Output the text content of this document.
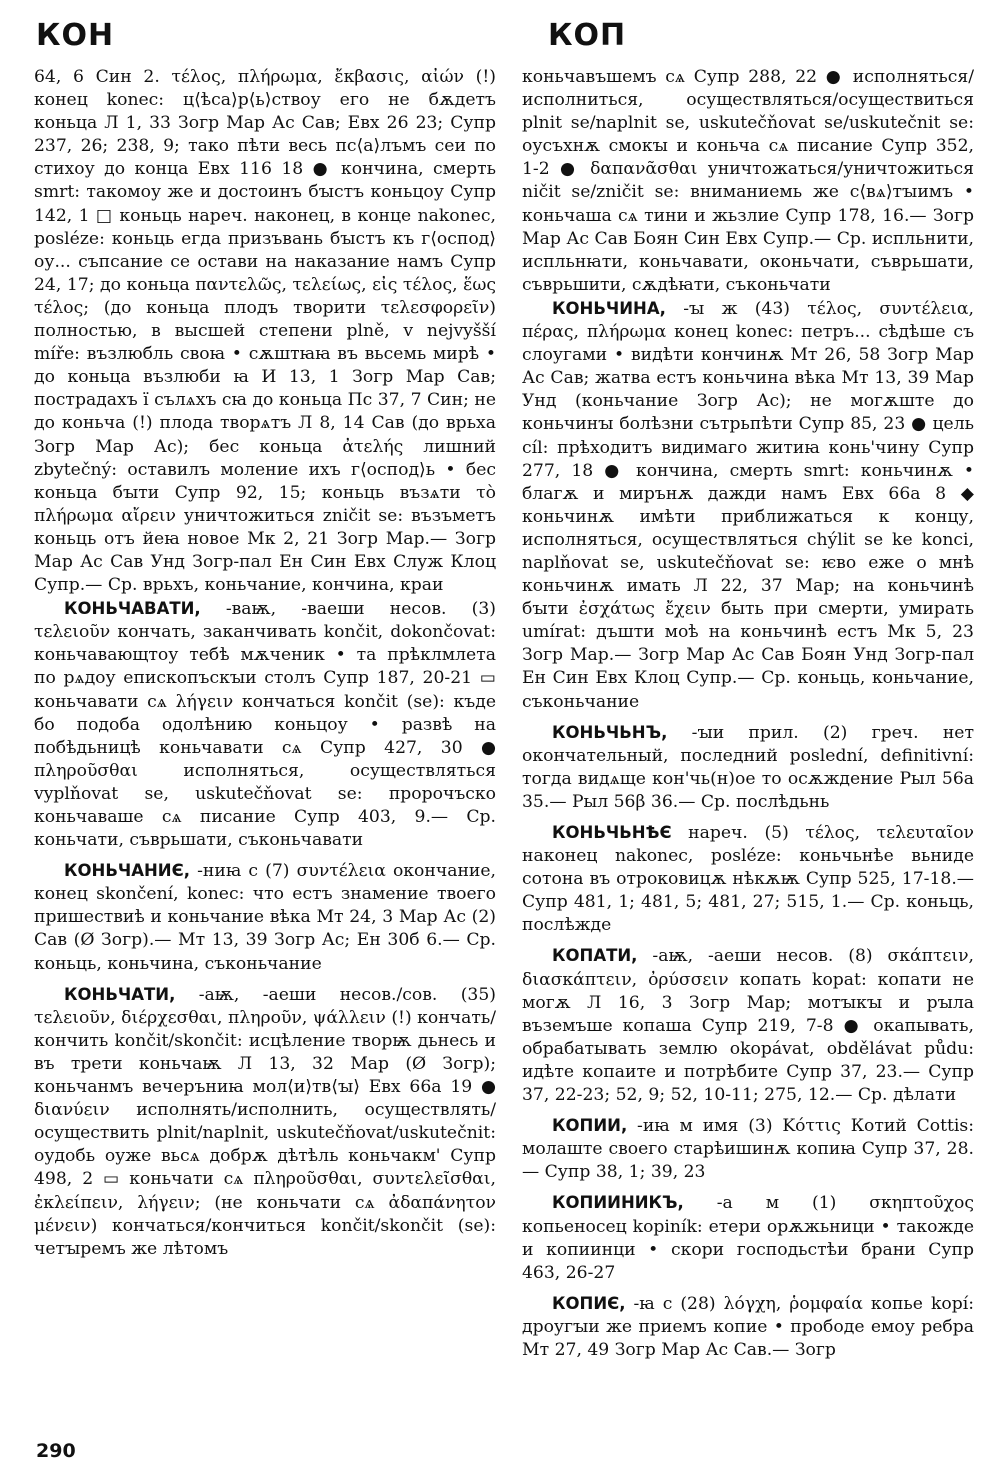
КОН	КОП

64, 6 Син 2. τέλος, πλήρωμα, ἔκβασις, αἰών (!) конец konec: ц⟨ѣса⟩р⟨ь⟩ствоу его не бѫдетъ коньца Л 1, 33 Зогр Мар Ас Сав; Евх 26 23; Супр 237, 26; 238, 9; тако пѣти весь пс⟨а⟩лъмъ сеи по стихоу до конца Евх 116 18 ● кончина, смерть smrt: такомоу же и достоинъ бꙑстъ коньцоу Супр 142, 1 □ коньць нареч. наконец, в конце nakonec, posléze: коньць егда призъвань бꙑстъ къ г⟨оспод⟩оу... съпсание се остави на наказание намъ Супр 24, 17; до коньца παντελῶς, τελείως, εἰς τέλος, ἕως τέλος; (до коньца плодъ творити τελεσφορεῖν) полностью, в высшей степени plně, v nejvyšší míře: възлюбль своꙗ • сѫштꙗꙗ въ вьсемь мирѣ • до коньца възлюби ꙗ И 13, 1 Зогр Мар Сав; пострадахъ ї сълѧхъ сꙗ до коньца Пс 37, 7 Син; не до коньча (!) плода творѧтъ Л 8, 14 Сав (до врьха Зогр Мар Ас); бес коньца ἀτελής лишний zbytečný: оставилъ моление ихъ г⟨оспод⟩ь • бес коньца бꙑти Супр 92, 15; коньць възѧти τὸ πλήρωμα αἴρειν уничтожиться zničit se: възъметъ коньць отъ йеꙗ новое Мк 2, 21 Зогр Мар.— Зогр Мар Ас Сав Унд Зогр-пал Ен Син Евх Служ Клоц Супр.— Ср. врьхъ, коньчание, кончина, краи

КОНЬЧАВАТИ, -ваѭ, -ваеши несов. (3) τελειοῦν кончать, заканчивать končit, dokončovat: коньчавающтоу тебѣ мѫченик • та прѣклмлета по рѧдоу епископъскꙑи столъ Супр 187, 20-21 ▭ коньчавати сѧ λήγειν кончаться končit (se): къде бо подоба одолѣнию коньцоу • развѣ на побѣдьницѣ коньчавати сѧ Супр 427, 30 ● πληροῦσθαι исполняться, осуществляться vyplňovat se, uskutečňovat se: пророчъско коньчаваше сѧ писание Супр 403, 9.— Ср. коньчати, съврьшати, съконьчавати

КОНЬЧАНИЄ, -ниꙗ с (7) συντέλεια окончание, конец skončení, konec: что естъ знамение твоего пришествиѣ и коньчание вѣка Мт 24, 3 Мар Ас (2) Сав (Ø Зогр).— Мт 13, 39 Зогр Ас; Ен 30б 6.— Ср. коньць, коньчина, съконьчание

КОНЬЧАТИ, -аѭ, -аеши несов./сов. (35) τελειοῦν, διέρχεσθαι, πληροῦν, ψάλλειν (!) кончать/кончить končit/skončit: исцѣление творѭ дьнесь и въ трети коньчаѭ Л 13, 32 Мар (Ø Зогр); коньчанмъ вечеръниꙗ мол⟨и⟩тв⟨ꙑ⟩ Евх 66а 19 ● διανύειν исполнять/исполнить, осуществлять/осуществить plnit/naplnit, uskutečňovat/uskutečnit: оудобь оуже вьсѧ добрѫ дѣтѣль коньчакм' Супр 498, 2 ▭ коньчати сѧ πληροῦσθαι, συντελεῖσθαι, ἐκλείπειν, λήγειν; (не коньчати сѧ ἀδαπάνητον μένειν) кончаться/кончиться končit/skončit (se): четꙑремъ же лѣтомъ

коньчавъшемъ сѧ Супр 288, 22 ● исполняться/исполниться, осуществляться/осуществиться plnit se/naplnit se, uskutečňovat se/uskutečnit se: оусъхнѫ смокꙑ и коньча сѧ писание Супр 352, 1-2 ● δαπανᾶσθαι уничтожаться/уничтожиться ničit se/zničit se: вниманиемь же с⟨вѧ⟩тꙑимъ • коньчаша сѧ тини и жьзлие Супр 178, 16.— Зогр Мар Ас Сав Боян Син Евх Супр.— Ср. испльнити, испльнꙗти, коньчавати, оконьчати, съврьшати, съврьшити, сѫдѣꙗти, съконьчати

КОНЬЧИНА, -ꙑ ж (43) τέλος, συντέλεια, πέρας, πλήρωμα конец konec: петръ... сѣдѣше съ слоугами • видѣти кончинѫ Мт 26, 58 Зогр Мар Ас Сав; жатва естъ коньчина вѣка Мт 13, 39 Мар Унд (коньчание Зогр Ас); не могѫште до коньчинꙑ болѣзни сътрьпѣти Супр 85, 23 ● цель cíl: прѣходитъ видимаго житиꙗ конь'чину Супр 277, 18 ● кончина, смерть smrt: коньчинѫ • благѫ и мирънѫ дажди намъ Евх 66а 8 ◆ коньчинѫ имѣти приближаться к концу, исполняться, осуществляться chýlit se ke konci, naplňovat se, uskutečňovat se: ѥво еже о мнѣ коньчинѫ имать Л 22, 37 Мар; на коньчинѣ бꙑти ἐσχάτως ἔχειν быть при смерти, умирать umírat: дъшти моѣ на коньчинѣ естъ Мк 5, 23 Зогр Мар.— Зогр Мар Ас Сав Боян Унд Зогр-пал Ен Син Евх Клоц Супр.— Ср. коньць, коньчание, съконьчание

КОНЬЧЬНЪ, -ꙑи прил. (2) греч. нет окончательный, последний poslední, definitivní: тогда видѧще кон'чь(н)ое то осѫждение Рыл 56а 35.— Рыл 56β 36.— Ср. послѣдьнь

КОНЬЧЬНѢЄ нареч. (5) τέλος, τελευταῖον наконец nakonec, posléze: коньчьнѣе вьниде сотона въ отроковицѫ нѣкѫѭ Супр 525, 17-18.— Супр 481, 1; 481, 5; 481, 27; 515, 1.— Ср. коньць, послѣжде

КОПАТИ, -аѭ, -аеши несов. (8) σκάπτειν, διασκάπτειν, ὀρύσσειν копать kopat: копати не могѫ Л 16, 3 Зогр Мар; мотꙑкꙑ и рꙑла въземъше копаша Супр 219, 7-8 ● окапывать, обрабатывать землю okopávat, obdělávat půdu: идѣте копаите и потрѣбите Супр 37, 23.— Супр 37, 22-23; 52, 9; 52, 10-11; 275, 12.— Ср. дѣлати

КОПИИ, -иꙗ м имя (3) Κόττις Котий Cottis: молаште своего старѣишинѫ копиꙗ Супр 37, 28.— Супр 38, 1; 39, 23

КОПИИНИКЪ, -а м (1) σκηπτοῦχος копьеносец kopiník: етери орѫжьници • такожде и копиинци • скори господьстѣи брани Супр 463, 26-27

КОПИЄ, -ꙗ с (28) λόγχη, ῥομφαία копье kopí: дроугꙑи же приемъ копие • прободе емоу ребра Мт 27, 49 Зогр Мар Ас Сав.— Зогр

290
